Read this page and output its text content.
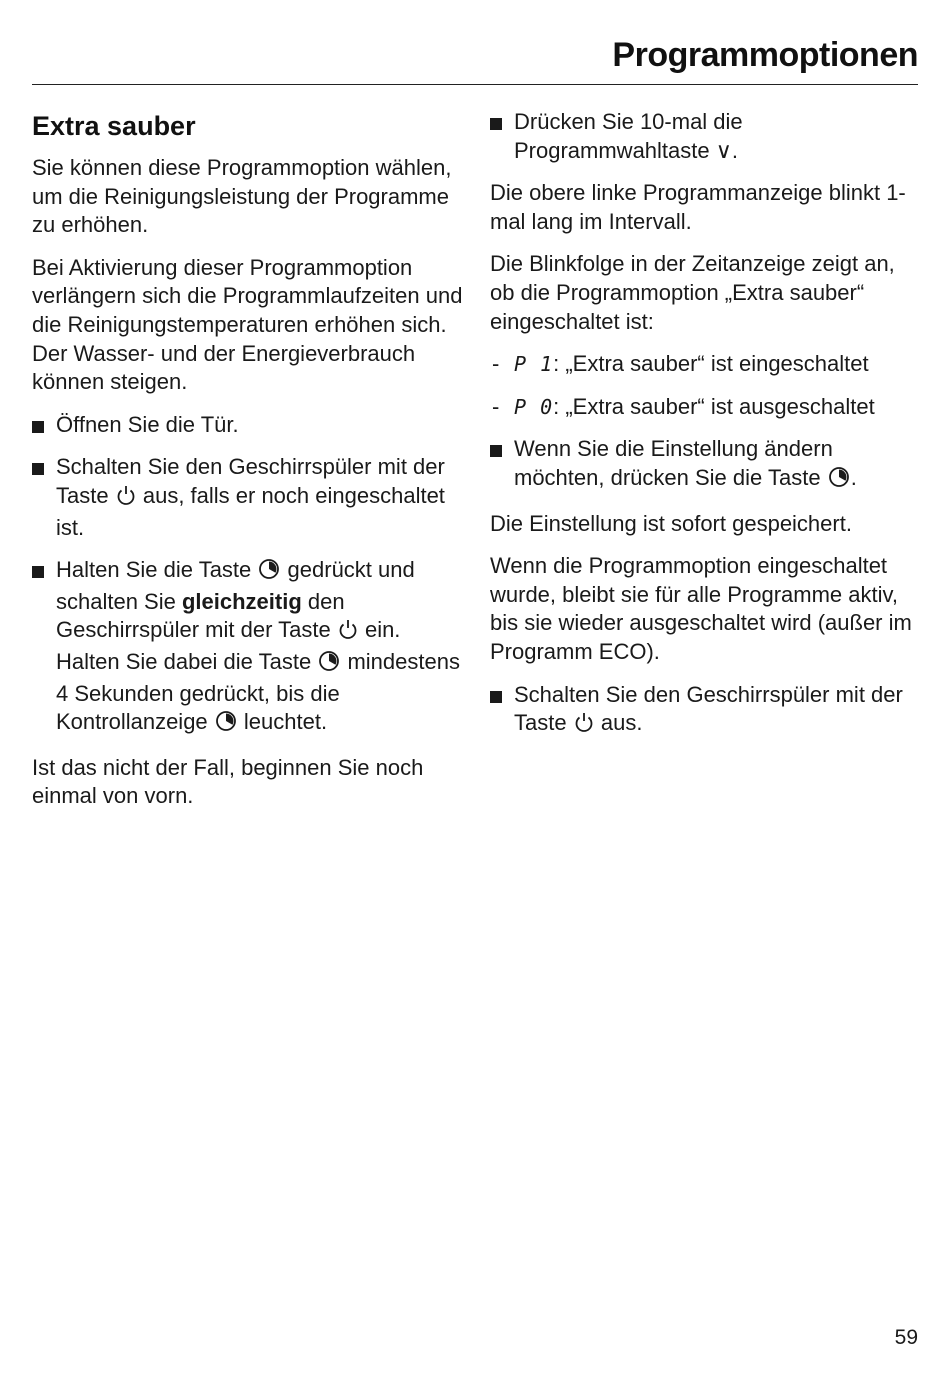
Programmoptionen
Extra sauber

Sie können diese Programmoption wählen, um die Reinigungsleistung der Programme zu erhöhen.

Bei Aktivierung dieser Programmoption verlängern sich die Programmlaufzeiten und die Reinigungstemperaturen erhöhen sich. Der Wasser- und der Energieverbrauch können steigen.

Öffnen Sie die Tür.
Schalten Sie den Geschirrspüler mit der Taste aus, falls er noch eingeschaltet ist.
Halten Sie die Taste gedrückt und schalten Sie gleichzeitig den Geschirrspüler mit der Taste ein. Halten Sie dabei die Taste mindestens 4 Sekunden gedrückt, bis die Kontrollanzeige leuchtet.

Ist das nicht der Fall, beginnen Sie noch einmal von vorn.

Drücken Sie 10-mal die Programmwahltaste ∨.

Die obere linke Programmanzeige blinkt 1-mal lang im Intervall.

Die Blinkfolge in der Zeitanzeige zeigt an, ob die Programmoption „Extra sauber“ eingeschaltet ist:

- P 1: „Extra sauber“ ist eingeschaltet
- P 0: „Extra sauber“ ist ausgeschaltet
Wenn Sie die Einstellung ändern möchten, drücken Sie die Taste .

Die Einstellung ist sofort gespeichert.

Wenn die Programmoption eingeschaltet wurde, bleibt sie für alle Programme aktiv, bis sie wieder ausgeschaltet wird (außer im Programm ECO).

Schalten Sie den Geschirrspüler mit der Taste aus.
59
